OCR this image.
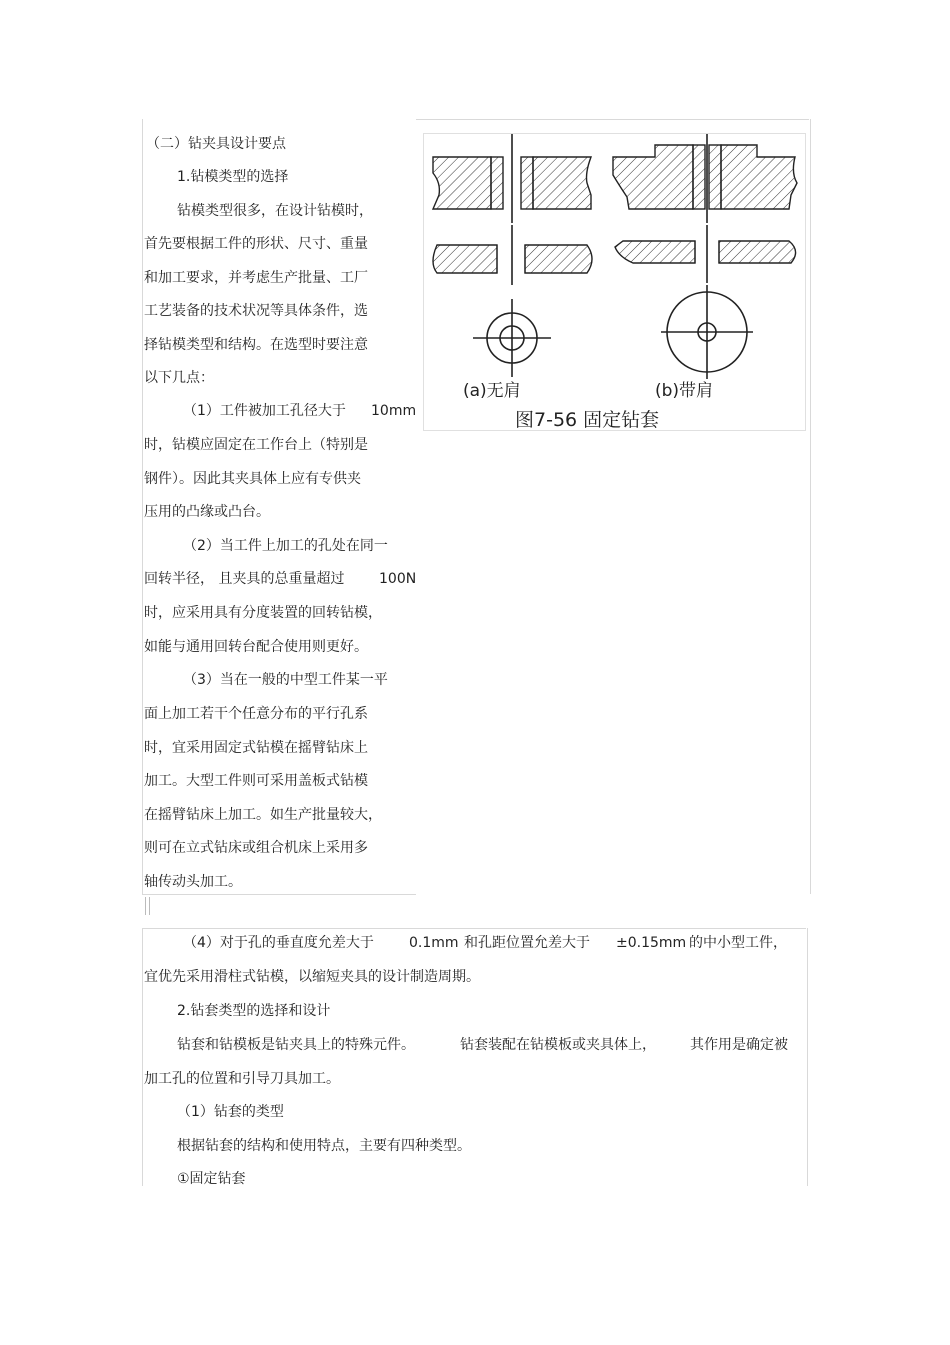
（二）钻夹具设计要点
1.钻模类型的选择
钻模类型很多，在设计钻模时，
首先要根据工件的形状、尺寸、重量
和加工要求，并考虑生产批量、工厂
工艺装备的技术状况等具体条件，选
择钻模类型和结构。在选型时要注意
以下几点：
（1）工件被加工孔径大于
时，钻模应固定在工作台上（特别是
钢件）。因此其夹具体上应有专供夹
压用的凸缘或凸台。
（2）当工件上加工的孔处在同一
回转半径， 且夹具的总重量超过
时，应采用具有分度装置的回转钻模，
如能与通用回转台配合使用则更好。
（3）当在一般的中型工件某一平
面上加工若干个任意分布的平行孔系
时，宜采用固定式钻模在摇臂钻床上
加工。大型工件则可采用盖板式钻模
在摇臂钻床上加工。如生产批量较大，
则可在立式钻床或组合机床上采用多
轴传动头加工。
10mm
100N
(a)无肩	(b)带肩
图7-56 固定钻套
（4）对于孔的垂直度允差大于	0.1mm 和孔距位置允差大于 ±0.15mm 的中小型工件，
宜优先采用滑柱式钻模，以缩短夹具的设计制造周期。
2.钻套类型的选择和设计
钻套和钻模板是钻夹具上的特殊元件。	钻套装配在钻模板或夹具体上， 其作用是确定被
加工孔的位置和引导刀具加工。
（1）钻套的类型
根据钻套的结构和使用特点，主要有四种类型。
①固定钻套
